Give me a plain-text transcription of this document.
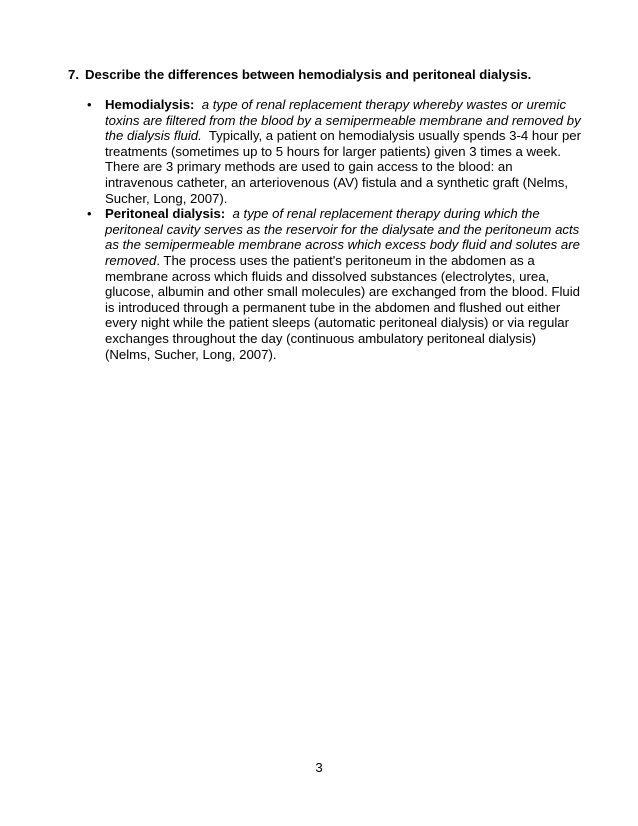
7. Describe the differences between hemodialysis and peritoneal dialysis.
• Hemodialysis: a type of renal replacement therapy whereby wastes or uremic toxins are filtered from the blood by a semipermeable membrane and removed by the dialysis fluid. Typically, a patient on hemodialysis usually spends 3-4 hour per treatments (sometimes up to 5 hours for larger patients) given 3 times a week. There are 3 primary methods are used to gain access to the blood: an intravenous catheter, an arteriovenous (AV) fistula and a synthetic graft (Nelms, Sucher, Long, 2007).
• Peritoneal dialysis: a type of renal replacement therapy during which the peritoneal cavity serves as the reservoir for the dialysate and the peritoneum acts as the semipermeable membrane across which excess body fluid and solutes are removed. The process uses the patient's peritoneum in the abdomen as a membrane across which fluids and dissolved substances (electrolytes, urea, glucose, albumin and other small molecules) are exchanged from the blood. Fluid is introduced through a permanent tube in the abdomen and flushed out either every night while the patient sleeps (automatic peritoneal dialysis) or via regular exchanges throughout the day (continuous ambulatory peritoneal dialysis) (Nelms, Sucher, Long, 2007).
3
